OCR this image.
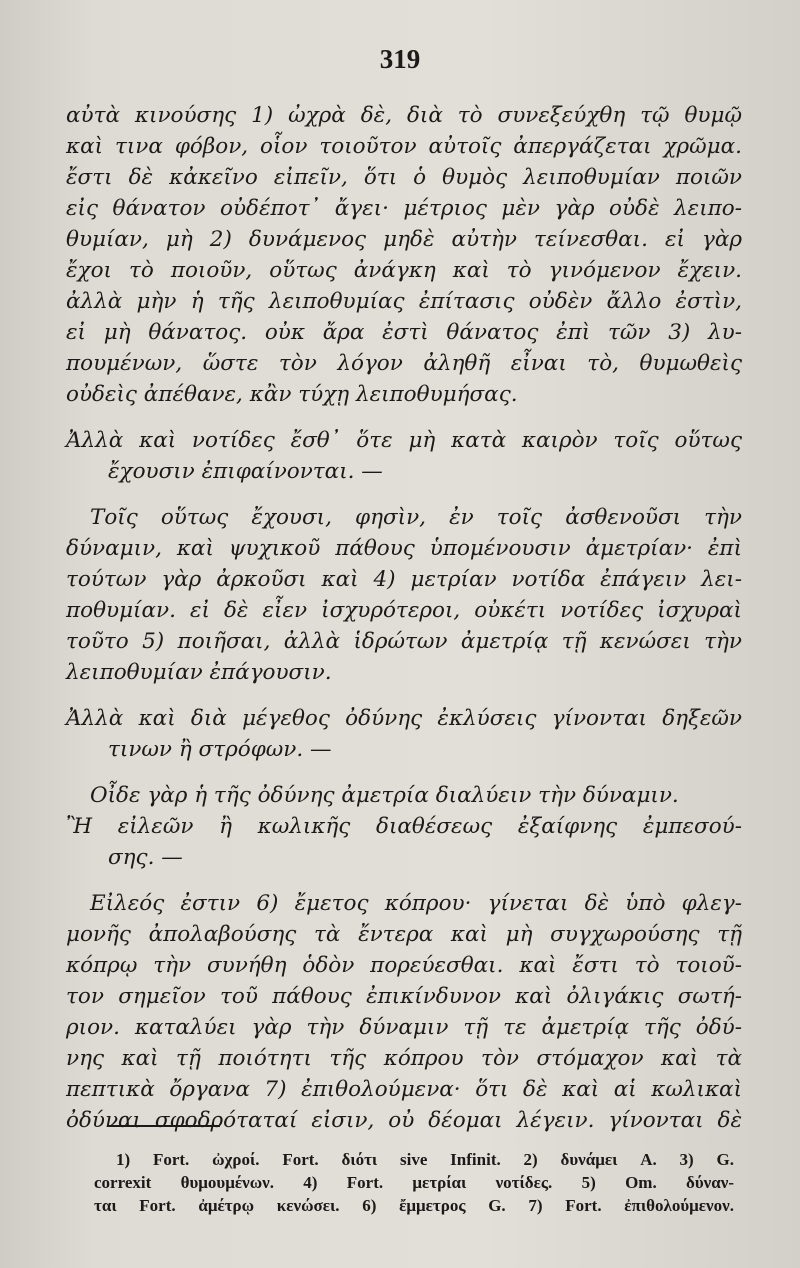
319
αὐτὰ κινούσης 1) ὠχρὰ δὲ, διὰ τὸ συνεξεύχθη τῷ θυμῷ
καὶ τινα φόβον, οἷον τοιοῦτον αὐτοῖς ἀπεργάζεται χρῶμα.
ἔστι δὲ κἀκεῖνο εἰπεῖν, ὅτι ὁ θυμὸς λειποθυμίαν ποιῶν
εἰς θάνατον οὐδέποτ᾽ ἄγει· μέτριος μὲν γὰρ οὐδὲ λειπο-
θυμίαν, μὴ 2) δυνάμενος μηδὲ αὐτὴν τείνεσθαι. εἰ γὰρ
ἔχοι τὸ ποιοῦν, οὕτως ἀνάγκη καὶ τὸ γινόμενον ἔχειν.
ἀλλὰ μὴν ἡ τῆς λειποθυμίας ἐπίτασις οὐδὲν ἄλλο ἐστὶν,
εἰ μὴ θάνατος. οὐκ ἄρα ἐστὶ θάνατος ἐπὶ τῶν 3) λυ-
πουμένων, ὥστε τὸν λόγον ἀληθῆ εἶναι τὸ, θυμωθεὶς
οὐδεὶς ἀπέθανε, κἂν τύχῃ λειποθυμήσας.
Ἀλλὰ καὶ νοτίδες ἔσθ᾽ ὅτε μὴ κατὰ καιρὸν τοῖς οὕτως
ἔχουσιν ἐπιφαίνονται. —
Τοῖς οὕτως ἔχουσι, φησὶν, ἐν τοῖς ἀσθενοῦσι τὴν
δύναμιν, καὶ ψυχικοῦ πάθους ὑπομένουσιν ἀμετρίαν· ἐπὶ
τούτων γὰρ ἀρκοῦσι καὶ 4) μετρίαν νοτίδα ἐπάγειν λει-
ποθυμίαν. εἰ δὲ εἶεν ἰσχυρότεροι, οὐκέτι νοτίδες ἰσχυραὶ
τοῦτο 5) ποιῆσαι, ἀλλὰ ἱδρώτων ἀμετρίᾳ τῇ κενώσει τὴν
λειποθυμίαν ἐπάγουσιν.
Ἀλλὰ καὶ διὰ μέγεθος ὀδύνης ἐκλύσεις γίνονται δηξεῶν
τινων ἢ στρόφων. —
Οἶδε γὰρ ἡ τῆς ὀδύνης ἀμετρία διαλύειν τὴν δύναμιν.
Ἢ εἰλεῶν ἢ κωλικῆς διαθέσεως ἐξαίφνης ἐμπεσού-
σης. —
Εἰλεός ἐστιν 6) ἔμετος κόπρου· γίνεται δὲ ὑπὸ φλεγ-
μονῆς ἀπολαβούσης τὰ ἔντερα καὶ μὴ συγχωρούσης τῇ
κόπρῳ τὴν συνήθη ὁδὸν πορεύεσθαι. καὶ ἔστι τὸ τοιοῦ-
τον σημεῖον τοῦ πάθους ἐπικίνδυνον καὶ ὀλιγάκις σωτή-
ριον. καταλύει γὰρ τὴν δύναμιν τῇ τε ἀμετρίᾳ τῆς ὀδύ-
νης καὶ τῇ ποιότητι τῆς κόπρου τὸν στόμαχον καὶ τὰ
πεπτικὰ ὄργανα 7) ἐπιθολούμενα· ὅτι δὲ καὶ αἱ κωλικαὶ
ὀδύναι σφοδρόταταί εἰσιν, οὐ δέομαι λέγειν. γίνονται δὲ
1) Fort. ὠχροί. Fort. διότι sive Infinit. 2) δυνάμει A. 3) G.
correxit θυμουμένων. 4) Fort. μετρίαι νοτίδες. 5) Om. δύναν-
ται Fort. ἀμέτρῳ κενώσει. 6) ἔμμετρος G. 7) Fort. ἐπιθολούμενον.
